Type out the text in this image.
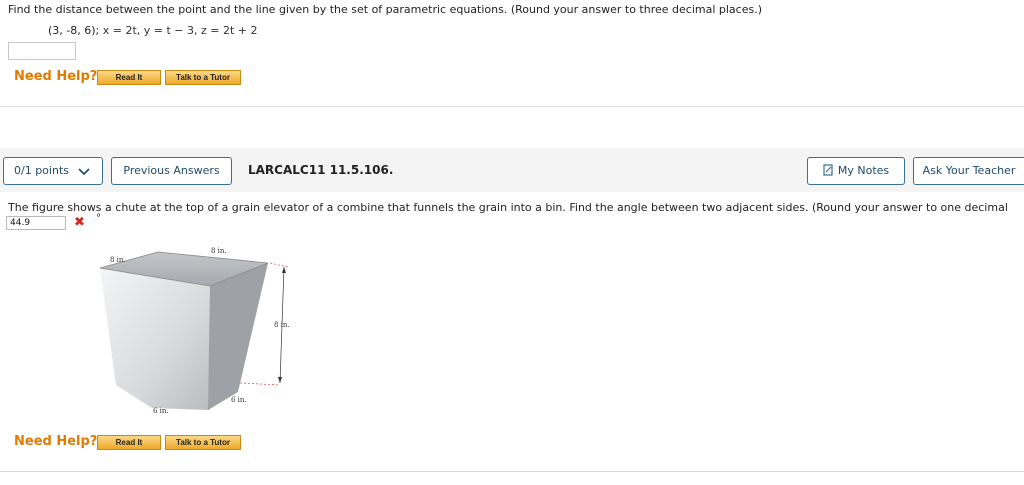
Find the distance between the point and the line given by the set of parametric equations. (Round your answer to three decimal places.)
(3, -8, 6); x = 2t, y = t − 3, z = 2t + 2
Need Help?	Read It	Talk to a Tutor
0/1 points	Previous Answers	LARCALC11 11.5.106.	My Notes	Ask Your Teacher
The figure shows a chute at the top of a grain elevator of a combine that funnels the grain into a bin. Find the angle between two adjacent sides. (Round your answer to one decimal
44.9
✖ °
8 in.
8 in.
8 in.
6 in.
6 in.
Need Help?	Read It	Talk to a Tutor
